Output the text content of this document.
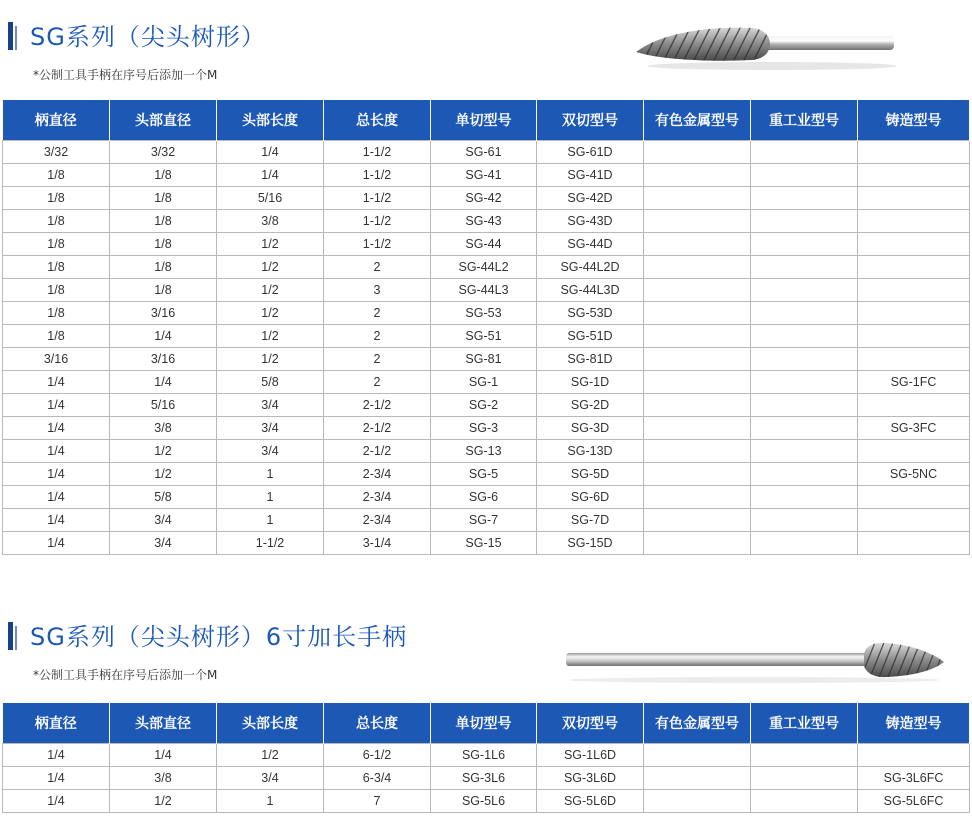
SG系列（尖头树形）
*公制工具手柄在序号后添加一个M
柄直径	头部直径	头部长度	总长度	单切型号	双切型号	有色金属型号	重工业型号	铸造型号
3/32	3/32	1/4	1-1/2	SG-61	SG-61D			
1/8	1/8	1/4	1-1/2	SG-41	SG-41D			
1/8	1/8	5/16	1-1/2	SG-42	SG-42D			
1/8	1/8	3/8	1-1/2	SG-43	SG-43D			
1/8	1/8	1/2	1-1/2	SG-44	SG-44D			
1/8	1/8	1/2	2	SG-44L2	SG-44L2D			
1/8	1/8	1/2	3	SG-44L3	SG-44L3D			
1/8	3/16	1/2	2	SG-53	SG-53D			
1/8	1/4	1/2	2	SG-51	SG-51D			
3/16	3/16	1/2	2	SG-81	SG-81D			
1/4	1/4	5/8	2	SG-1	SG-1D			SG-1FC
1/4	5/16	3/4	2-1/2	SG-2	SG-2D			
1/4	3/8	3/4	2-1/2	SG-3	SG-3D			SG-3FC
1/4	1/2	3/4	2-1/2	SG-13	SG-13D			
1/4	1/2	1	2-3/4	SG-5	SG-5D			SG-5NC
1/4	5/8	1	2-3/4	SG-6	SG-6D			
1/4	3/4	1	2-3/4	SG-7	SG-7D			
1/4	3/4	1-1/2	3-1/4	SG-15	SG-15D			
SG系列（尖头树形）6寸加长手柄
*公制工具手柄在序号后添加一个M
柄直径	头部直径	头部长度	总长度	单切型号	双切型号	有色金属型号	重工业型号	铸造型号
1/4	1/4	1/2	6-1/2	SG-1L6	SG-1L6D			
1/4	3/8	3/4	6-3/4	SG-3L6	SG-3L6D			SG-3L6FC
1/4	1/2	1	7	SG-5L6	SG-5L6D			SG-5L6FC
